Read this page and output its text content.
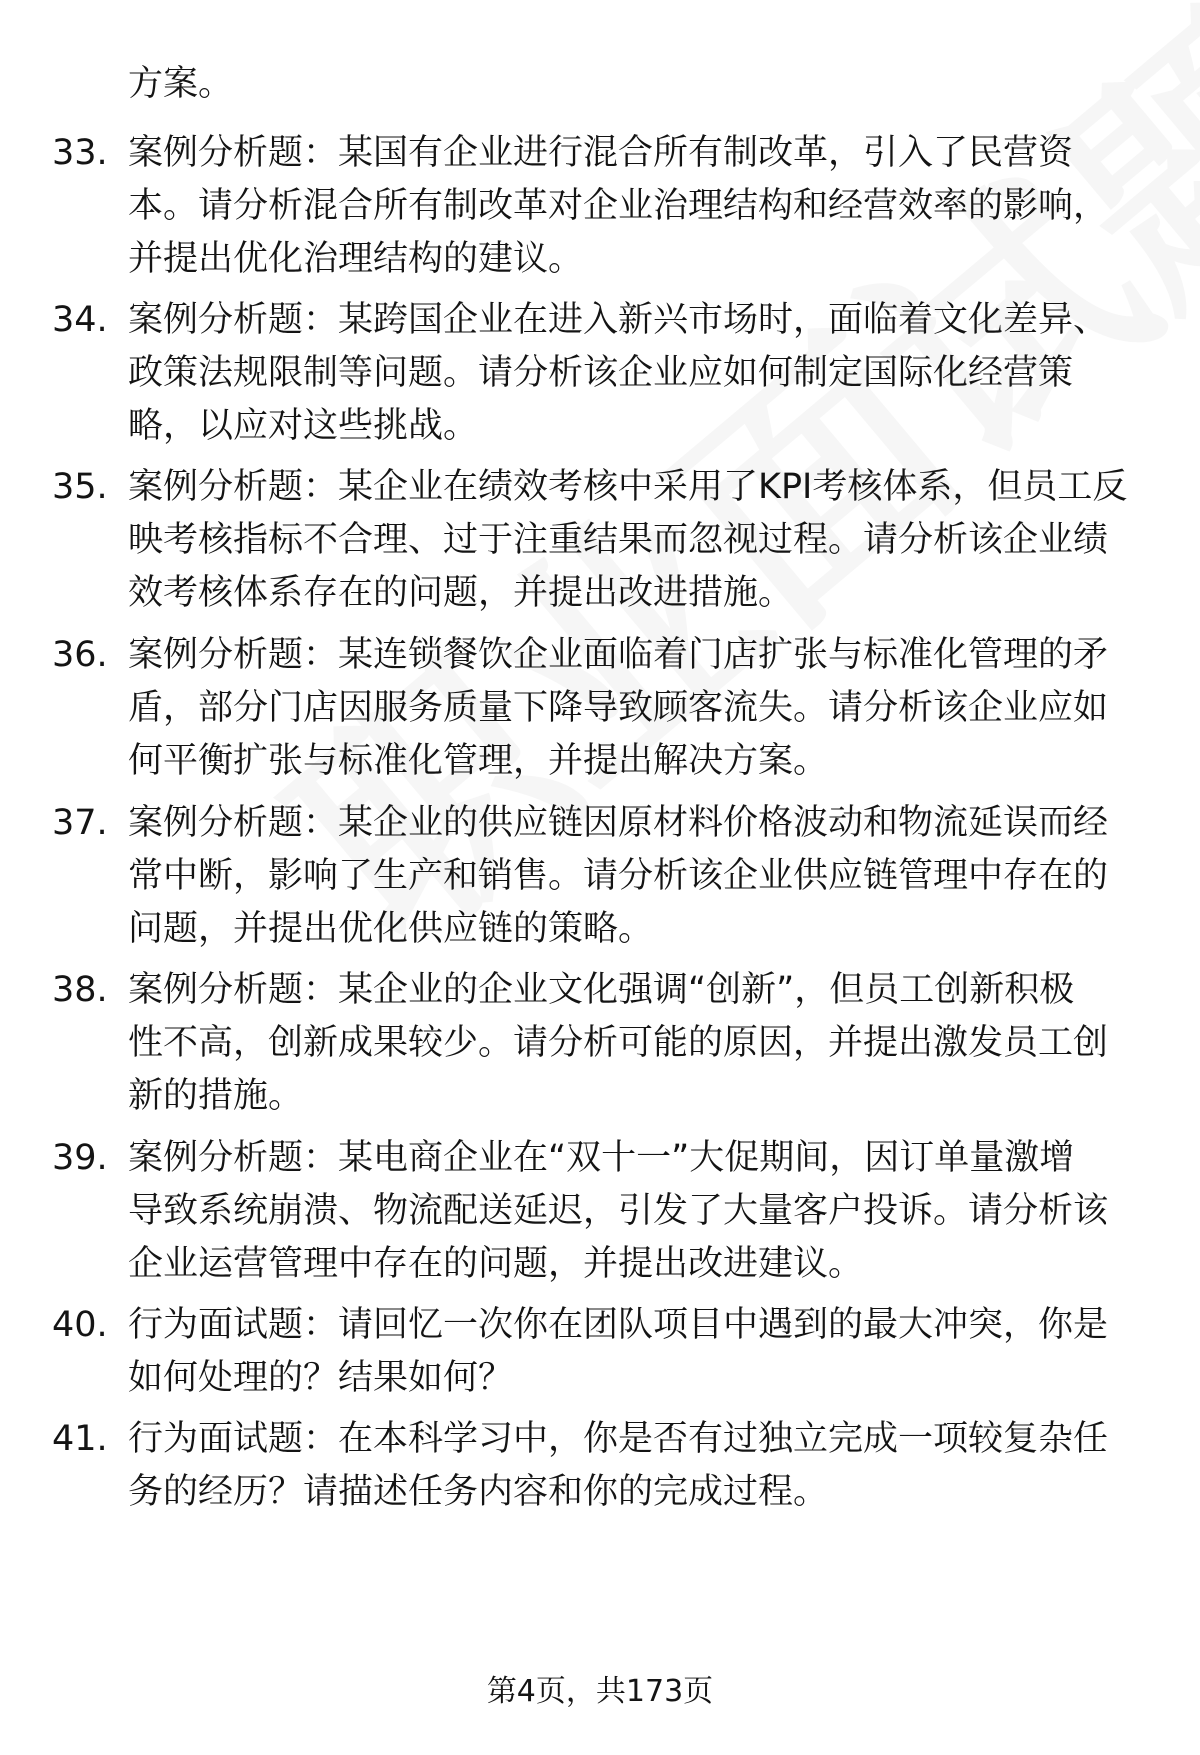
方案。
33. 案例分析题：某国有企业进行混合所有制改革，引入了民营资
本。请分析混合所有制改革对企业治理结构和经营效率的影响，
并提出优化治理结构的建议。
34. 案例分析题：某跨国企业在进入新兴市场时，面临着文化差异、
政策法规限制等问题。请分析该企业应如何制定国际化经营策
略，以应对这些挑战。
35. 案例分析题：某企业在绩效考核中采用了KPI考核体系，但员工反
映考核指标不合理、过于注重结果而忽视过程。请分析该企业绩
效考核体系存在的问题，并提出改进措施。
36. 案例分析题：某连锁餐饮企业面临着门店扩张与标准化管理的矛
盾，部分门店因服务质量下降导致顾客流失。请分析该企业应如
何平衡扩张与标准化管理，并提出解决方案。
37. 案例分析题：某企业的供应链因原材料价格波动和物流延误而经
常中断，影响了生产和销售。请分析该企业供应链管理中存在的
问题，并提出优化供应链的策略。
38. 案例分析题：某企业的企业文化强调“创新”，但员工创新积极
性不高，创新成果较少。请分析可能的原因，并提出激发员工创
新的措施。
39. 案例分析题：某电商企业在“双十一”大促期间，因订单量激增
导致系统崩溃、物流配送延迟，引发了大量客户投诉。请分析该
企业运营管理中存在的问题，并提出改进建议。
40. 行为面试题：请回忆一次你在团队项目中遇到的最大冲突，你是
如何处理的？结果如何？
41. 行为面试题：在本科学习中，你是否有过独立完成一项较复杂任
务的经历？请描述任务内容和你的完成过程。
第4页，共173页
